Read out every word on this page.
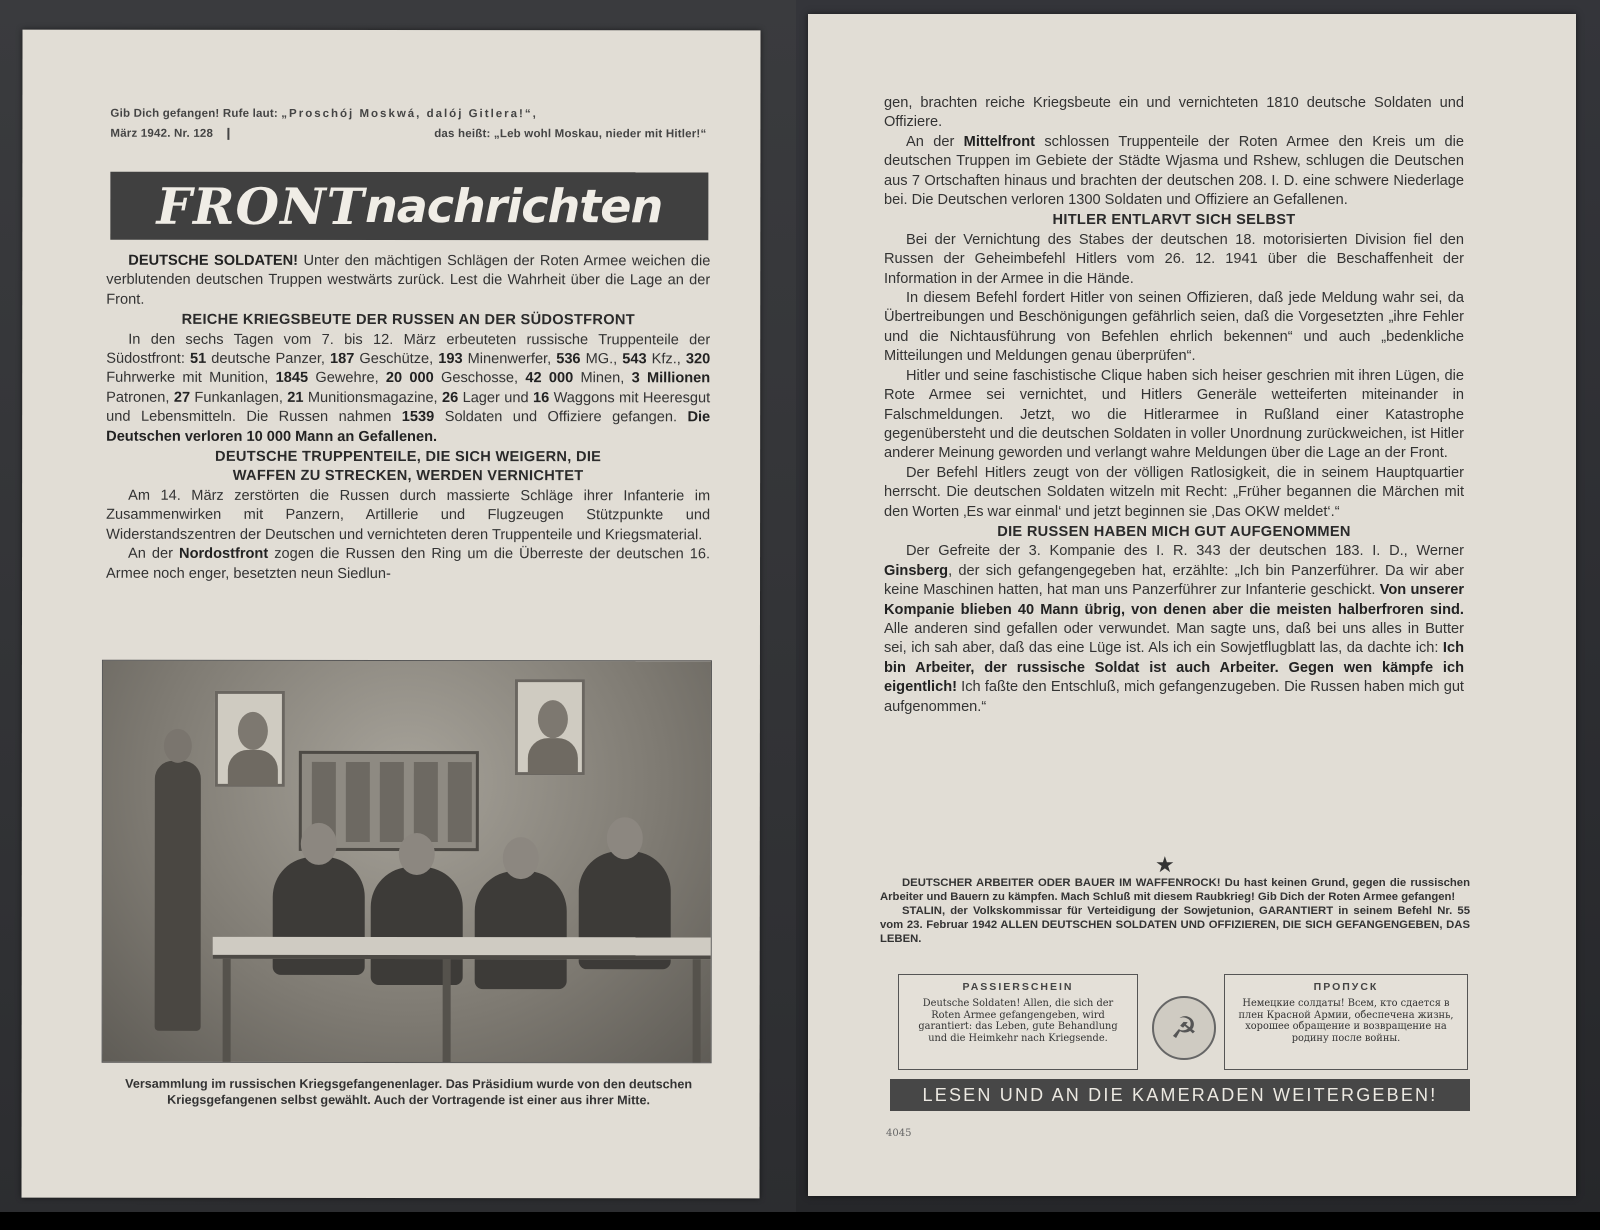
Gib Dich gefangen! Rufe laut: „Proschój Moskwá, dalój Gitlera!“,
März 1942. Nr. 128	das heißt: „Leb wohl Moskau, nieder mit Hitler!“
FRONT nachrichten

DEUTSCHE SOLDATEN! Unter den mächtigen Schlägen der Roten Armee weichen die verblutenden deutschen Truppen westwärts zurück. Lest die Wahrheit über die Lage an der Front.

REICHE KRIEGSBEUTE DER RUSSEN AN DER SÜDOSTFRONT

In den sechs Tagen vom 7. bis 12. März erbeuteten russische Truppenteile der Südostfront: 51 deutsche Panzer, 187 Geschütze, 193 Minenwerfer, 536 MG., 543 Kfz., 320 Fuhrwerke mit Munition, 1845 Gewehre, 20 000 Geschosse, 42 000 Minen, 3 Millionen Patronen, 27 Funkanlagen, 21 Munitionsmagazine, 26 Lager und 16 Waggons mit Heeresgut und Lebensmitteln. Die Russen nahmen 1539 Soldaten und Offiziere gefangen. Die Deutschen verloren 10 000 Mann an Gefallenen.

DEUTSCHE TRUPPENTEILE, DIE SICH WEIGERN, DIE
WAFFEN ZU STRECKEN, WERDEN VERNICHTET

Am 14. März zerstörten die Russen durch massierte Schläge ihrer Infanterie im Zusammenwirken mit Panzern, Artillerie und Flugzeugen Stützpunkte und Widerstandszentren der Deutschen und vernichteten deren Truppenteile und Kriegsmaterial.

An der Nordostfront zogen die Russen den Ring um die Überreste der deutschen 16. Armee noch enger, besetzten neun Siedlun-

Versammlung im russischen Kriegsgefangenenlager. Das Präsidium wurde von den deutschen Kriegsgefangenen selbst gewählt. Auch der Vortragende ist einer aus ihrer Mitte.

gen, brachten reiche Kriegsbeute ein und vernichteten 1810 deutsche Soldaten und Offiziere.

An der Mittelfront schlossen Truppenteile der Roten Armee den Kreis um die deutschen Truppen im Gebiete der Städte Wjasma und Rshew, schlugen die Deutschen aus 7 Ortschaften hinaus und brachten der deutschen 208. I. D. eine schwere Niederlage bei. Die Deutschen verloren 1300 Soldaten und Offiziere an Gefallenen.

HITLER ENTLARVT SICH SELBST

Bei der Vernichtung des Stabes der deutschen 18. motorisierten Division fiel den Russen der Geheimbefehl Hitlers vom 26. 12. 1941 über die Beschaffenheit der Information in der Armee in die Hände.

In diesem Befehl fordert Hitler von seinen Offizieren, daß jede Meldung wahr sei, da Übertreibungen und Beschönigungen gefährlich seien, daß die Vorgesetzten „ihre Fehler und die Nichtausführung von Befehlen ehrlich bekennen“ und auch „bedenkliche Mitteilungen und Meldungen genau überprüfen“.

Hitler und seine faschistische Clique haben sich heiser geschrien mit ihren Lügen, die Rote Armee sei vernichtet, und Hitlers Generäle wetteiferten miteinander in Falschmeldungen. Jetzt, wo die Hitlerarmee in Rußland einer Katastrophe gegenübersteht und die deutschen Soldaten in voller Unordnung zurückweichen, ist Hitler anderer Meinung geworden und verlangt wahre Meldungen über die Lage an der Front.

Der Befehl Hitlers zeugt von der völligen Ratlosigkeit, die in seinem Hauptquartier herrscht. Die deutschen Soldaten witzeln mit Recht: „Früher begannen die Märchen mit den Worten ‚Es war einmal‘ und jetzt beginnen sie ‚Das OKW meldet‘.“

DIE RUSSEN HABEN MICH GUT AUFGENOMMEN

Der Gefreite der 3. Kompanie des I. R. 343 der deutschen 183. I. D., Werner Ginsberg, der sich gefangengegeben hat, erzählte: „Ich bin Panzerführer. Da wir aber keine Maschinen hatten, hat man uns Panzerführer zur Infanterie geschickt. Von unserer Kompanie blieben 40 Mann übrig, von denen aber die meisten halberfroren sind. Alle anderen sind gefallen oder verwundet. Man sagte uns, daß bei uns alles in Butter sei, ich sah aber, daß das eine Lüge ist. Als ich ein Sowjetflugblatt las, da dachte ich: Ich bin Arbeiter, der russische Soldat ist auch Arbeiter. Gegen wen kämpfe ich eigentlich! Ich faßte den Entschluß, mich gefangenzugeben. Die Russen haben mich gut aufgenommen.“

★

DEUTSCHER ARBEITER ODER BAUER IM WAFFENROCK! Du hast keinen Grund, gegen die russischen Arbeiter und Bauern zu kämpfen. Mach Schluß mit diesem Raubkrieg! Gib Dich der Roten Armee gefangen!

STALIN, der Volkskommissar für Verteidigung der Sowjetunion, GARANTIERT in seinem Befehl Nr. 55 vom 23. Februar 1942 ALLEN DEUTSCHEN SOLDATEN UND OFFIZIEREN, DIE SICH GEFANGENGEBEN, DAS LEBEN.

PASSIERSCHEIN
Deutsche Soldaten! Allen, die sich der Roten Armee gefangengeben, wird garantiert: das Leben, gute Behandlung und die Heimkehr nach Kriegsende.	☭
ПРОПУСК
Немецкие солдаты! Всем, кто сдается в плен Красной Армии, обеспечена жизнь, хорошее обращение и возвращение на родину после войны.
LESEN UND AN DIE KAMERADEN WEITERGEBEN!
4045
